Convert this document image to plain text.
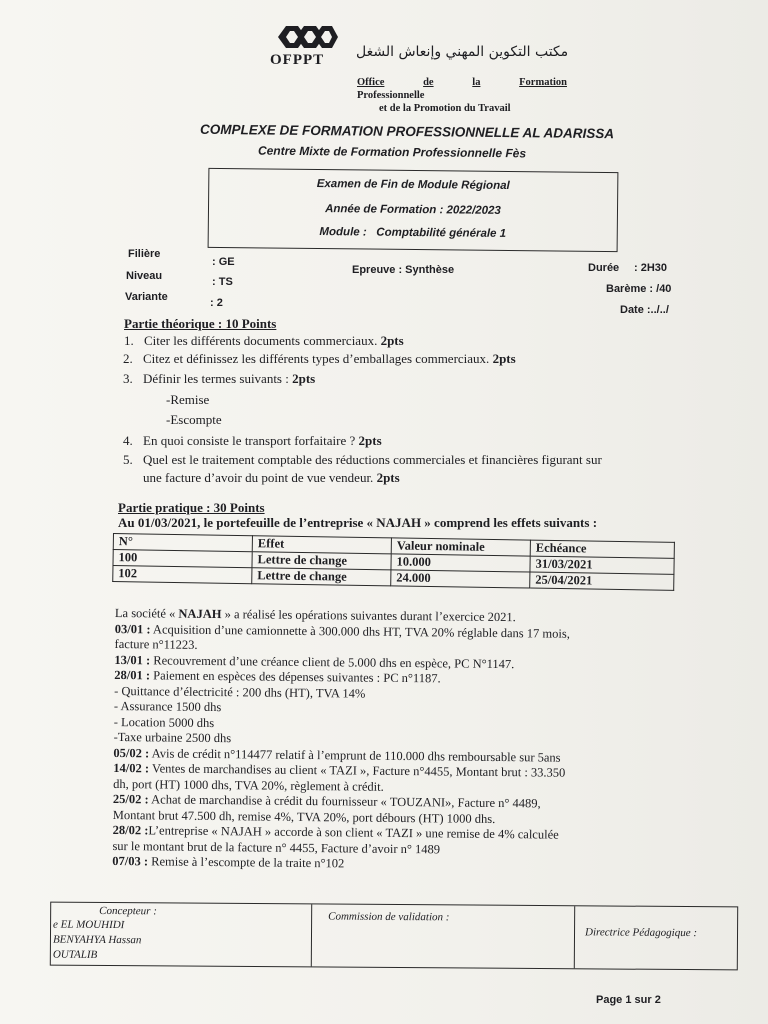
OFPPT مكتب التكوين المهني وإنعاش الشغل
Office	de	la	Formation
Professionnelle
et de la Promotion du Travail
COMPLEXE DE FORMATION PROFESSIONNELLE AL ADARISSA
Centre Mixte de Formation Professionnelle Fès
Examen de Fin de Module Régional
Année de Formation : 2022/2023
Module : Comptabilité générale 1
Filière
: GE
Niveau	: TS
Variante	: 2
Epreuve : Synthèse	Durée : 2H30
Barème : /40
Date :../../
Partie théorique : 10 Points
1. Citer les différents documents commerciaux. 2pts
2. Citez et définissez les différents types d’emballages commerciaux. 2pts
3. Définir les termes suivants : 2pts
-Remise
-Escompte
4. En quoi consiste le transport forfaitaire ? 2pts
5. Quel est le traitement comptable des réductions commerciales et financières figurant sur
une facture d’avoir du point de vue vendeur. 2pts
Partie pratique : 30 Points
Au 01/03/2021, le portefeuille de l’entreprise « NAJAH » comprend les effets suivants :
N°	Effet	Valeur nominale	Echéance
100	Lettre de change	10.000	31/03/2021
102	Lettre de change	24.000	25/04/2021
La société « NAJAH » a réalisé les opérations suivantes durant l’exercice 2021.
03/01 : Acquisition d’une camionnette à 300.000 dhs HT, TVA 20% réglable dans 17 mois,
facture n°11223.
13/01 : Recouvrement d’une créance client de 5.000 dhs en espèce, PC N°1147.
28/01 : Paiement en espèces des dépenses suivantes : PC n°1187.
- Quittance d’électricité : 200 dhs (HT), TVA 14%
- Assurance 1500 dhs
- Location 5000 dhs
-Taxe urbaine 2500 dhs
05/02 : Avis de crédit n°114477 relatif à l’emprunt de 110.000 dhs remboursable sur 5ans
14/02 : Ventes de marchandises au client « TAZI », Facture n°4455, Montant brut : 33.350
dh, port (HT) 1000 dhs, TVA 20%, règlement à crédit.
25/02 : Achat de marchandise à crédit du fournisseur « TOUZANI», Facture n° 4489,
Montant brut 47.500 dh, remise 4%, TVA 20%, port débours (HT) 1000 dhs.
28/02 :L’entreprise « NAJAH » accorde à son client « TAZI » une remise de 4% calculée
sur le montant brut de la facture n° 4455, Facture d’avoir n° 1489
07/03 : Remise à l’escompte de la traite n°102
Concepteur :
e EL MOUHIDI
BENYAHYA Hassan
OUTALIB
Commission de validation :
Directrice Pédagogique :
Page 1 sur 2
